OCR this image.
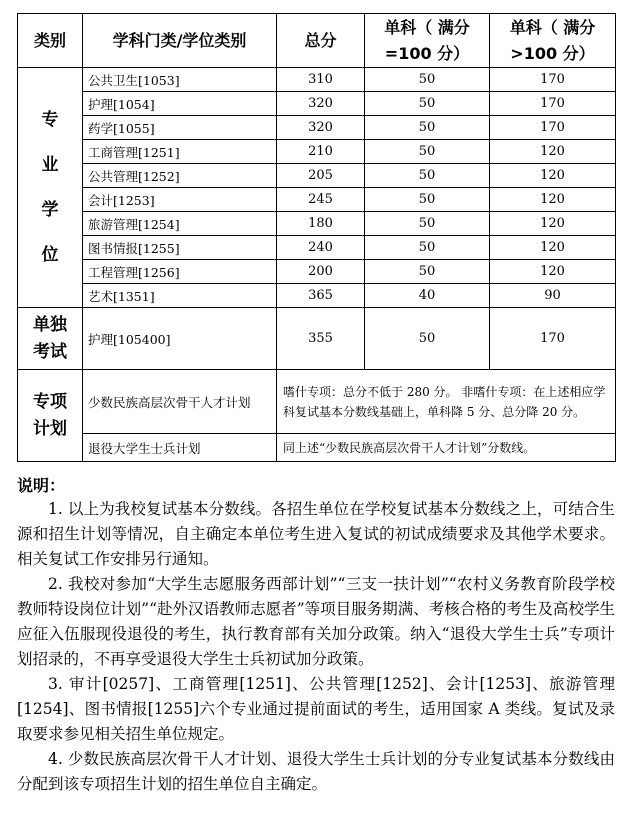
类别	学科门类/学位类别	总分	单科（ 满分=100 分）	单科（ 满分>100 分）

专业学位	公共卫生[1053]	310	50	170
	护理[1054]	320	50	170
	药学[1055]	320	50	170
	工商管理[1251]	210	50	120
	公共管理[1252]	205	50	120
	会计[1253]	245	50	120
	旅游管理[1254]	180	50	120
	图书情报[1255]	240	50	120
	工程管理[1256]	200	50	120
	艺术[1351]	365	40	90

单独考试	护理[105400]	355	50	170

专项计划	少数民族高层次骨干人才计划	嗜什专项：总分不低于 280 分。 非嗜什专项：在上述相应学科复试基本分数线基础上，单科降 5 分、总分降 20 分。		
	退役大学生士兵计划	同上述“少数民族高层次骨干人才计划”分数线。		

说明：

1. 以上为我校复试基本分数线。各招生单位在学校复试基本分数线之上，可结合生源和招生计划等情况，自主确定本单位考生进入复试的初试成绩要求及其他学术要求。相关复试工作安排另行通知。

2. 我校对参加“大学生志愿服务西部计划”“三支一扶计划”“农村义务教育阶段学校教师特设岗位计划”“赴外汉语教师志愿者”等项目服务期满、考核合格的考生及高校学生应征入伍服现役退役的考生，执行教育部有关加分政策。纳入“退役大学生士兵”专项计划招录的，不再享受退役大学生士兵初试加分政策。

3. 审计[0257]、工商管理[1251]、公共管理[1252]、会计[1253]、旅游管理[1254]、图书情报[1255]六个专业通过提前面试的考生，适用国家 A 类线。复试及录取要求参见相关招生单位规定。

4. 少数民族高层次骨干人才计划、退役大学生士兵计划的分专业复试基本分数线由分配到该专项招生计划的招生单位自主确定。
